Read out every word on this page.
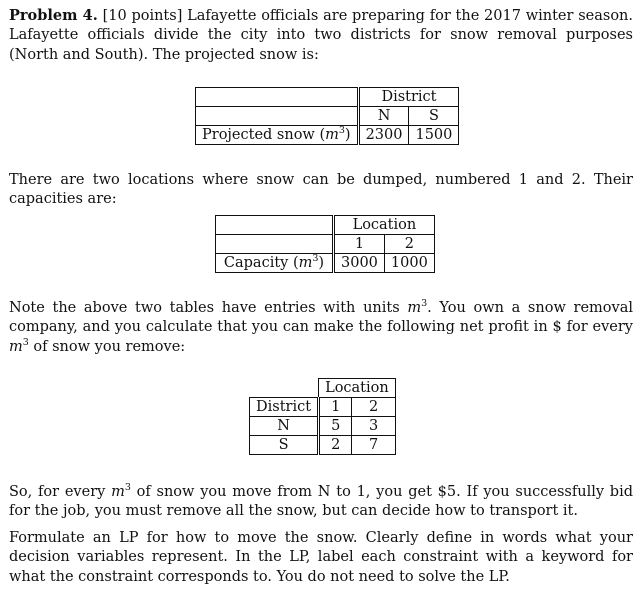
Problem 4. [10 points] Lafayette officials are preparing for the 2017 winter season. Lafayette officials divide the city into two districts for snow removal purposes (North and South). The projected snow is:

	District	
	N	S
Projected snow $(m^3)$	2300	1500

There are two locations where snow can be dumped, numbered 1 and 2. Their capacities are:

	Location	
	1	2
Capacity $(m^3)$	3000	1000

Note the above two tables have entries with units $m^3$. You own a snow removal company, and you calculate that you can make the following net profit in $ for every $m^3$ of snow you remove:

	Location	
District	1	2
N	5	3
S	2	7

So, for every $m^3$ of snow you move from N to 1, you get $5. If you successfully bid for the job, you must remove all the snow, but can decide how to transport it.

Formulate an LP for how to move the snow. Clearly define in words what your decision variables represent. In the LP, label each constraint with a keyword for what the constraint corresponds to. You do not need to solve the LP.
